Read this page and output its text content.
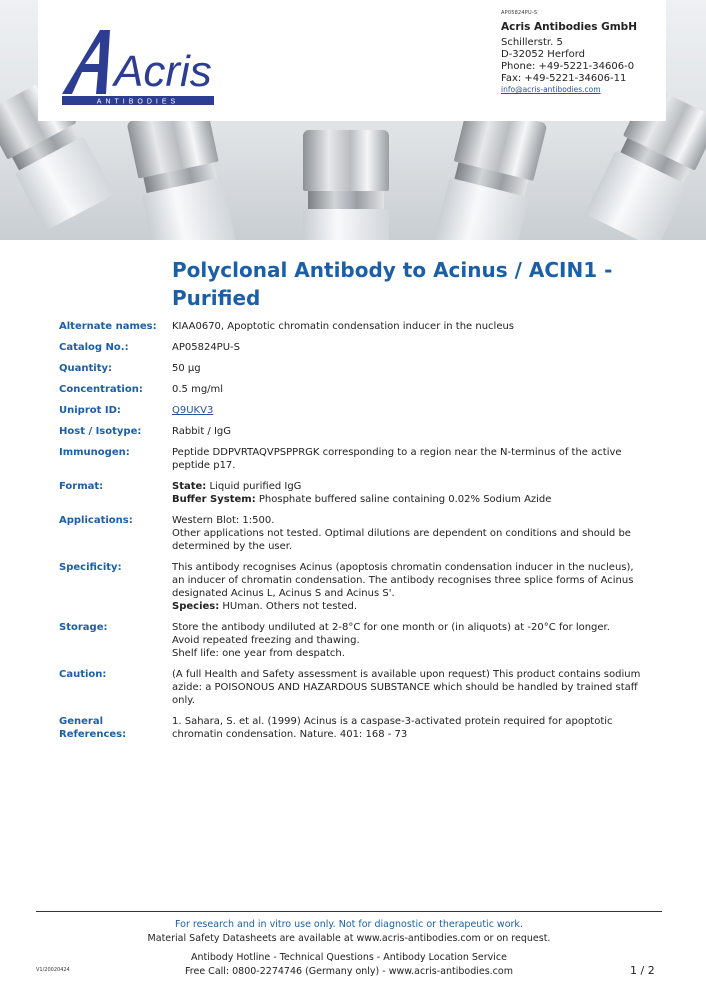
Acris
ANTIBODIES
AP05824PU-S
Acris Antibodies GmbH
Schillerstr. 5
D-32052 Herford
Phone: +49-5221-34606-0
Fax: +49-5221-34606-11
info@acris-antibodies.com
Polyclonal Antibody to Acinus / ACIN1 -
Purified
Alternate names:	KIAA0670, Apoptotic chromatin condensation inducer in the nucleus
Catalog No.:	AP05824PU-S
Quantity:	50 µg
Concentration:	0.5 mg/ml
Uniprot ID:	Q9UKV3
Host / Isotype:	Rabbit / IgG
Immunogen:	Peptide DDPVRTAQVPSPPRGK corresponding to a region near the N-terminus of the active
peptide p17.
Format:	State: Liquid purified IgG
Buffer System: Phosphate buffered saline containing 0.02% Sodium Azide
Applications:	Western Blot: 1:500.
Other applications not tested. Optimal dilutions are dependent on conditions and should be
determined by the user.
Specificity:	This antibody recognises Acinus (apoptosis chromatin condensation inducer in the nucleus),
an inducer of chromatin condensation. The antibody recognises three splice forms of Acinus
designated Acinus L, Acinus S and Acinus S'.
Species: HUman. Others not tested.
Storage:	Store the antibody undiluted at 2-8°C for one month or (in aliquots) at -20°C for longer.
Avoid repeated freezing and thawing.
Shelf life: one year from despatch.
Caution:	(A full Health and Safety assessment is available upon request) This product contains sodium
azide: a POISONOUS AND HAZARDOUS SUBSTANCE which should be handled by trained staff
only.
General
References:
1. Sahara, S. et al. (1999) Acinus is a caspase-3-activated protein required for apoptotic
chromatin condensation. Nature. 401: 168 - 73
For research and in vitro use only. Not for diagnostic or therapeutic work.
Material Safety Datasheets are available at www.acris-antibodies.com or on request.
Antibody Hotline - Technical Questions - Antibody Location Service
Free Call: 0800-2274746 (Germany only) - www.acris-antibodies.com
V1/20020424	1 / 2
